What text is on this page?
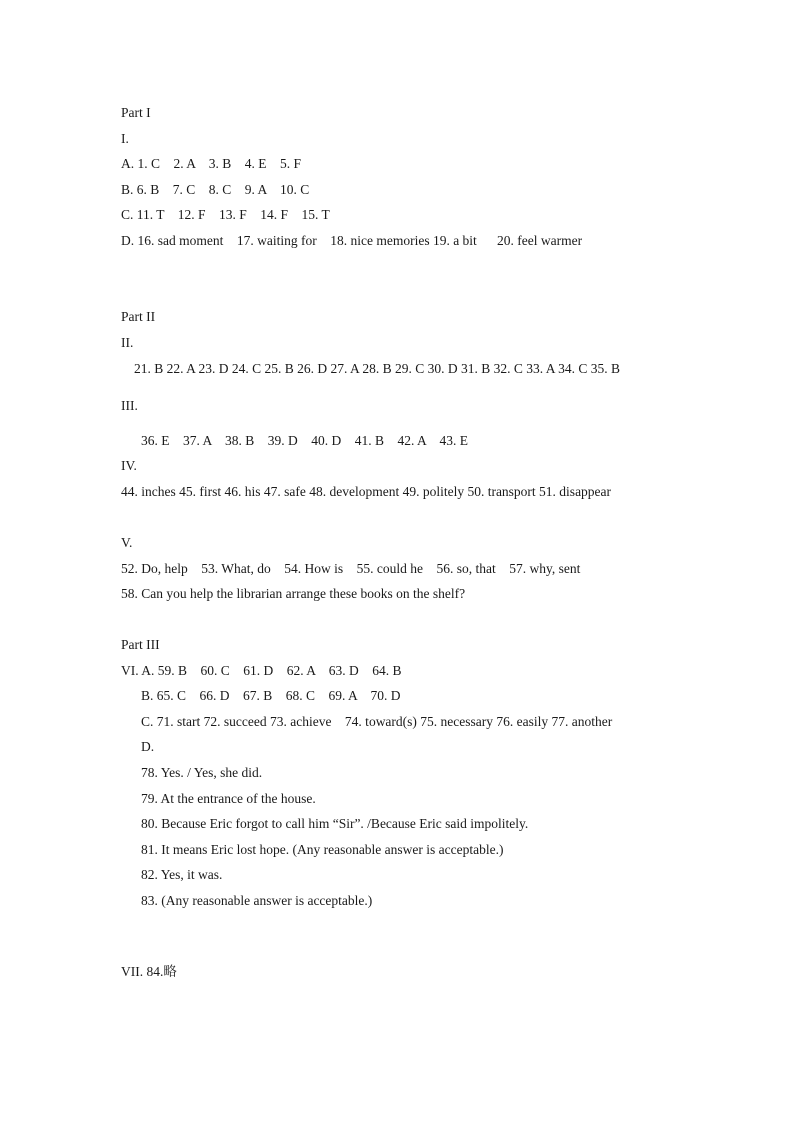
Part I
I.
A. 1. C    2. A    3. B    4. E    5. F
B. 6. B    7. C    8. C    9. A    10. C
C. 11. T    12. F    13. F    14. F    15. T
D. 16. sad moment    17. waiting for    18. nice memories 19. a bit      20. feel warmer
Part II
II.
21. B 22. A 23. D 24. C 25. B 26. D 27. A 28. B 29. C 30. D 31. B 32. C 33. A 34. C 35. B
III.
36. E    37. A    38. B    39. D    40. D    41. B    42. A    43. E
IV.
44. inches 45. first 46. his 47. safe 48. development 49. politely 50. transport 51. disappear
V.
52. Do, help    53. What, do    54. How is    55. could he    56. so, that    57. why, sent
58. Can you help the librarian arrange these books on the shelf?
Part III
VI. A. 59. B    60. C    61. D    62. A    63. D    64. B
B. 65. C    66. D    67. B    68. C    69. A    70. D
C. 71. start 72. succeed 73. achieve    74. toward(s) 75. necessary 76. easily 77. another
D.
78. Yes. / Yes, she did.
79. At the entrance of the house.
80. Because Eric forgot to call him “Sir”. /Because Eric said impolitely.
81. It means Eric lost hope. (Any reasonable answer is acceptable.)
82. Yes, it was.
83. (Any reasonable answer is acceptable.)
VII. 84.略
